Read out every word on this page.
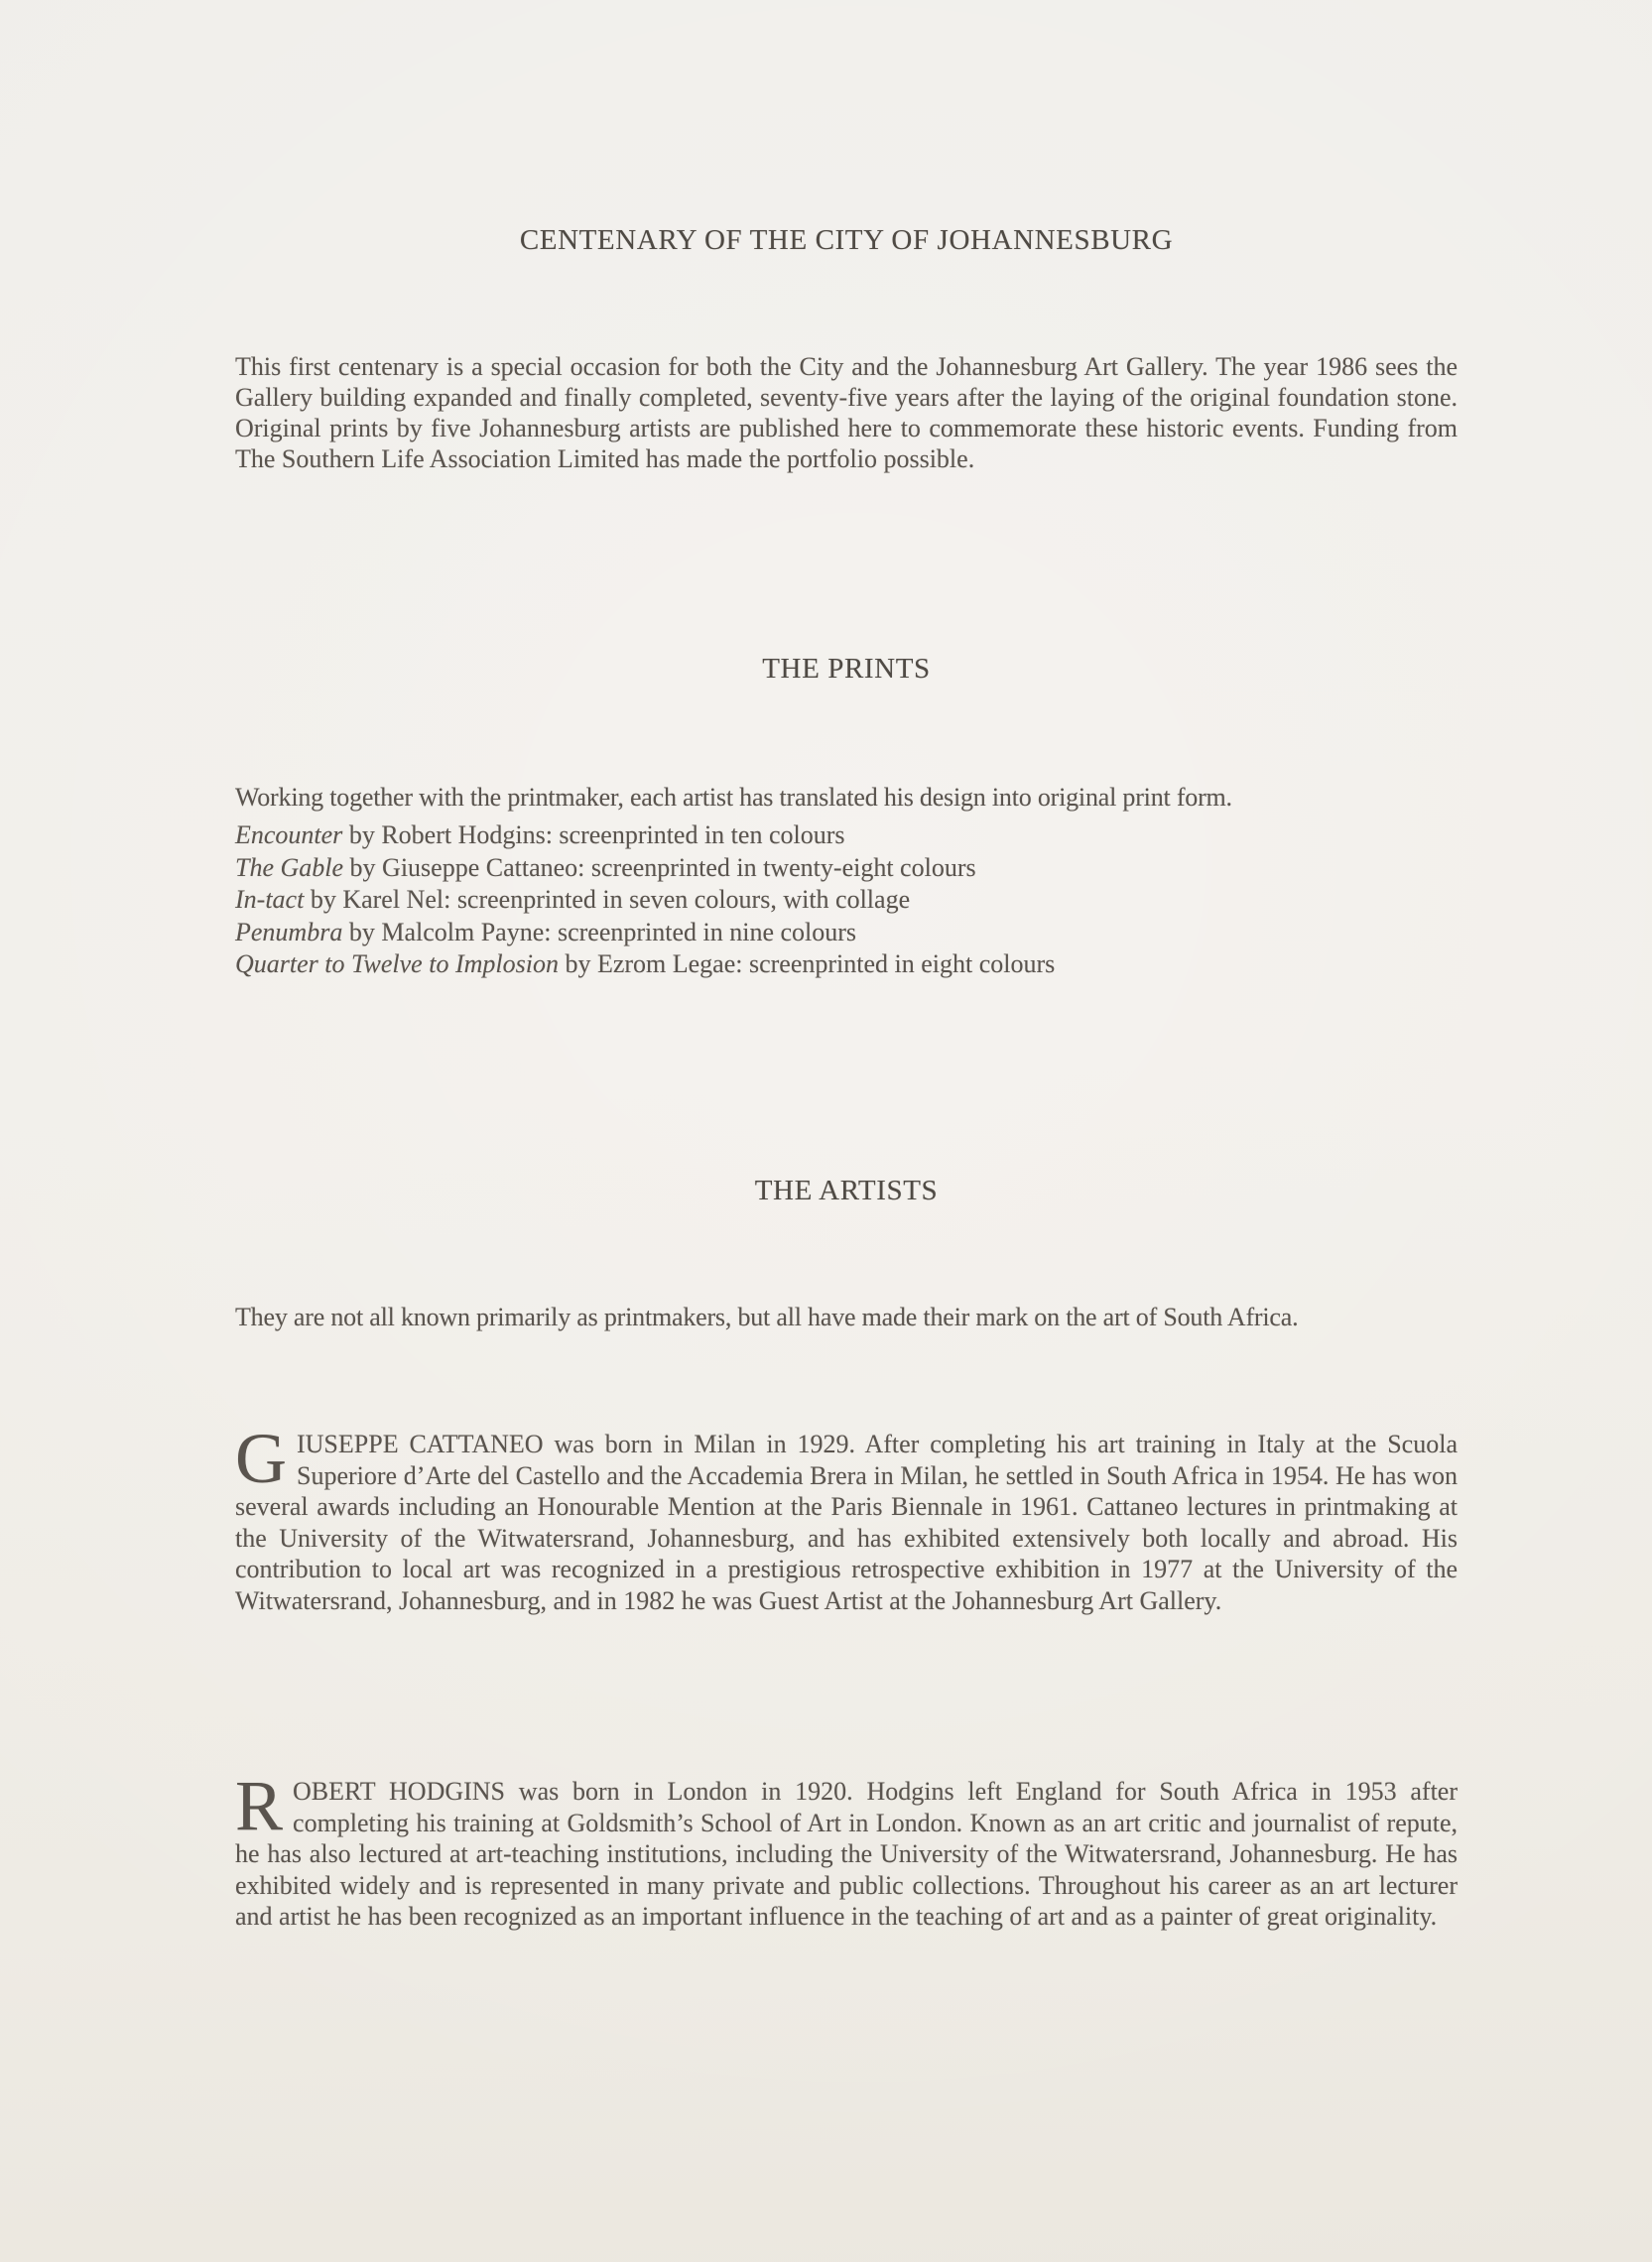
CENTENARY OF THE CITY OF JOHANNESBURG

This first centenary is a special occasion for both the City and the Johannesburg Art Gallery. The year 1986 sees the Gallery building expanded and finally completed, seventy-five years after the laying of the original foundation stone. Original prints by five Johannesburg artists are published here to commemorate these historic events. Funding from The Southern Life Association Limited has made the portfolio possible.

THE PRINTS

Working together with the printmaker, each artist has translated his design into original print form.

Encounter by Robert Hodgins: screenprinted in ten colours
The Gable by Giuseppe Cattaneo: screenprinted in twenty-eight colours
In-tact by Karel Nel: screenprinted in seven colours, with collage
Penumbra by Malcolm Payne: screenprinted in nine colours
Quarter to Twelve to Implosion by Ezrom Legae: screenprinted in eight colours
THE ARTISTS

They are not all known primarily as printmakers, but all have made their mark on the art of South Africa.

GIUSEPPE CATTANEO was born in Milan in 1929. After completing his art training in Italy at the Scuola Superiore d’Arte del Castello and the Accademia Brera in Milan, he settled in South Africa in 1954. He has won several awards including an Honourable Mention at the Paris Biennale in 1961. Cattaneo lectures in printmaking at the University of the Witwatersrand, Johannesburg, and has exhibited extensively both locally and abroad. His contribution to local art was recognized in a prestigious retrospective exhibition in 1977 at the University of the Witwatersrand, Johannesburg, and in 1982 he was Guest Artist at the Johannesburg Art Gallery.

ROBERT HODGINS was born in London in 1920. Hodgins left England for South Africa in 1953 after completing his training at Goldsmith’s School of Art in London. Known as an art critic and journalist of repute, he has also lectured at art-teaching institutions, including the University of the Witwatersrand, Johannesburg. He has exhibited widely and is represented in many private and public collections. Throughout his career as an art lecturer and artist he has been recognized as an important influence in the teaching of art and as a painter of great originality.
